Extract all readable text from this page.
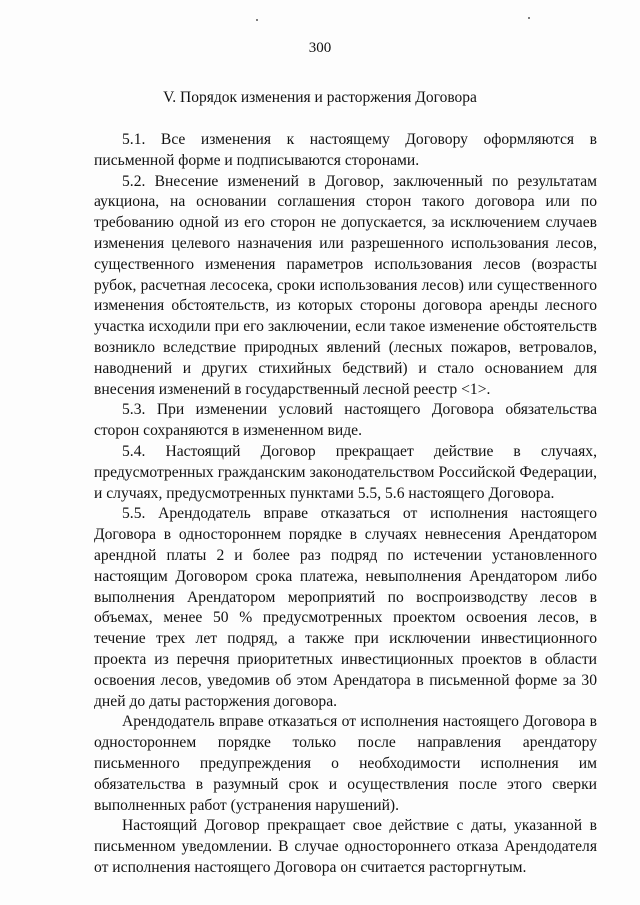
300
V. Порядок изменения и расторжения Договора

5.1. Все изменения к настоящему Договору оформляются в письменной форме и подписываются сторонами.

5.2. Внесение изменений в Договор, заключенный по результатам аукциона, на основании соглашения сторон такого договора или по требованию одной из его сторон не допускается, за исключением случаев изменения целевого назначения или разрешенного использования лесов, существенного изменения параметров использования лесов (возрасты рубок, расчетная лесосека, сроки использования лесов) или существенного изменения обстоятельств, из которых стороны договора аренды лесного участка исходили при его заключении, если такое изменение обстоятельств возникло вследствие природных явлений (лесных пожаров, ветровалов, наводнений и других стихийных бедствий) и стало основанием для внесения изменений в государственный лесной реестр <1>.

5.3. При изменении условий настоящего Договора обязательства сторон сохраняются в измененном виде.

5.4. Настоящий Договор прекращает действие в случаях, предусмотренных гражданским законодательством Российской Федерации, и случаях, предусмотренных пунктами 5.5, 5.6 настоящего Договора.

5.5. Арендодатель вправе отказаться от исполнения настоящего Договора в одностороннем порядке в случаях невнесения Арендатором арендной платы 2 и более раз подряд по истечении установленного настоящим Договором срока платежа, невыполнения Арендатором либо выполнения Арендатором мероприятий по воспроизводству лесов в объемах, менее 50 % предусмотренных проектом освоения лесов, в течение трех лет подряд, а также при исключении инвестиционного проекта из перечня приоритетных инвестиционных проектов в области освоения лесов, уведомив об этом Арендатора в письменной форме за 30 дней до даты расторжения договора.

Арендодатель вправе отказаться от исполнения настоящего Договора в одностороннем порядке только после направления арендатору письменного предупреждения о необходимости исполнения им обязательства в разумный срок и осуществления после этого сверки выполненных работ (устранения нарушений).

Настоящий Договор прекращает свое действие с даты, указанной в письменном уведомлении. В случае одностороннего отказа Арендодателя от исполнения настоящего Договора он считается расторгнутым.
